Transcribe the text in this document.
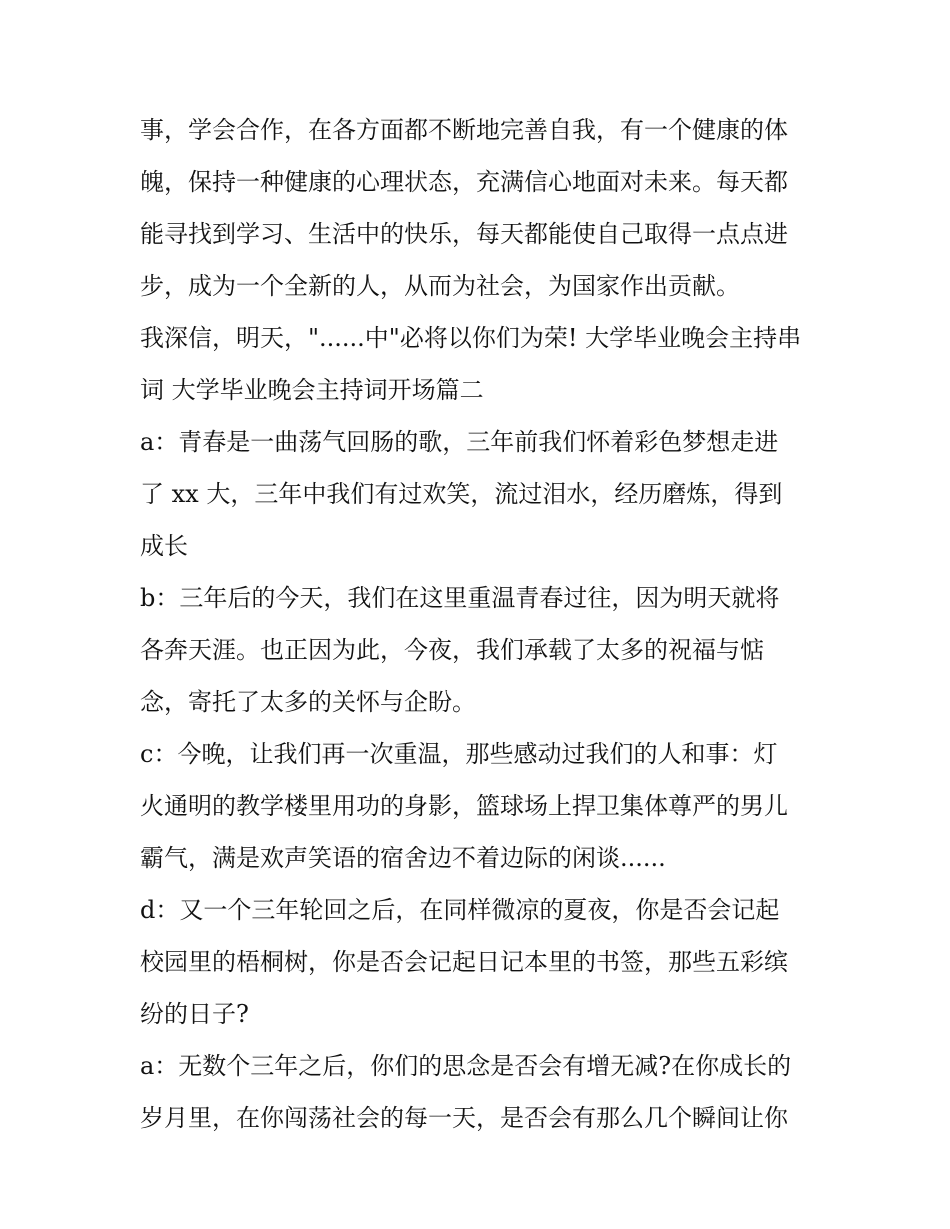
事，学会合作，在各方面都不断地完善自我，有一个健康的体
魄，保持一种健康的心理状态，充满信心地面对未来。每天都
能寻找到学习、生活中的快乐，每天都能使自己取得一点点进
步，成为一个全新的人，从而为社会，为国家作出贡献。
我深信，明天，"......中"必将以你们为荣! 大学毕业晚会主持串
词 大学毕业晚会主持词开场篇二
a：青春是一曲荡气回肠的歌，三年前我们怀着彩色梦想走进
了 xx 大，三年中我们有过欢笑，流过泪水，经历磨炼，得到
成长
b：三年后的今天，我们在这里重温青春过往，因为明天就将
各奔天涯。也正因为此，今夜，我们承载了太多的祝福与惦
念，寄托了太多的关怀与企盼。
c：今晚，让我们再一次重温，那些感动过我们的人和事：灯
火通明的教学楼里用功的身影，篮球场上捍卫集体尊严的男儿
霸气，满是欢声笑语的宿舍边不着边际的闲谈......
d：又一个三年轮回之后，在同样微凉的夏夜，你是否会记起
校园里的梧桐树，你是否会记起日记本里的书签，那些五彩缤
纷的日子?
a：无数个三年之后，你们的思念是否会有增无减?在你成长的
岁月里，在你闯荡社会的每一天，是否会有那么几个瞬间让你
